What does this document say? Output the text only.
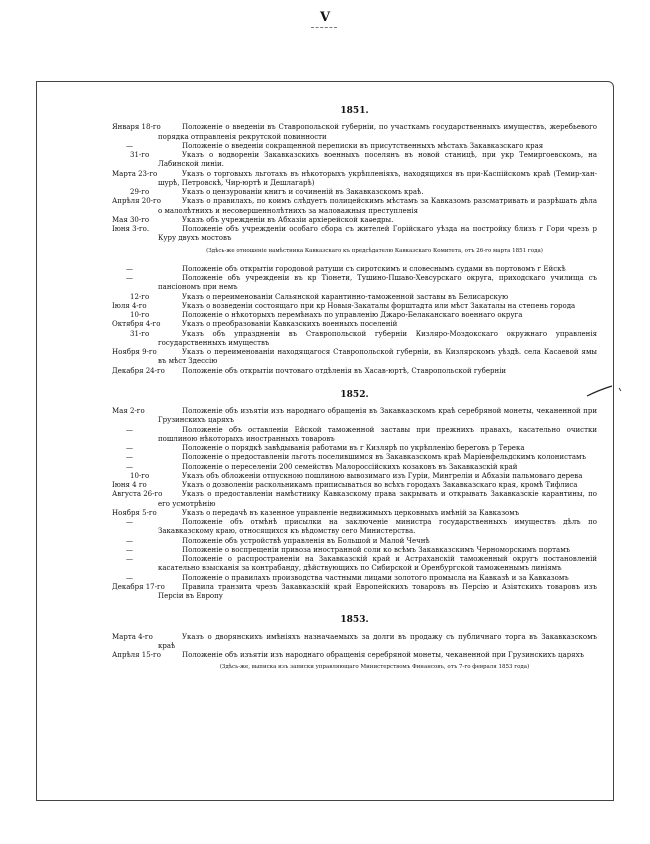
V
1851.
Января 18-го	Положеніе о введеніи въ Ставропольской губерніи, по участкамъ государственныхъ имуществъ, жеребьевого порядка отправленія рекрутской повинности
—	Положеніе о введеніи сокращенной переписки въ присутственныхъ мѣстахъ Закавказскаго края
31-го	Указъ о водвореніи Закавказскихъ военныхъ поселянъ въ новой станицѣ, при укр Темиргоевскомъ, на Лабинской линіи.
Марта 23-го	Указъ о торговыхъ льготахъ въ нѣкоторыхъ укрѣпленіяхъ, находящихся въ при-Каспійскомъ краѣ (Темир-хан-шурѣ, Петровскѣ, Чир-юртѣ и Дешлагарѣ)
29-го	Указъ о цензурованіи книгъ и сочиненій въ Закавказскомъ краѣ.
Апрѣля 20-го	Указъ о правилахъ, по коимъ слѣдуетъ полицейскимъ мѣстамъ за Кавказомъ разсматривать и разрѣшать дѣла о малолѣтнихъ и несовершеннолѣтнихъ за маловажныя преступленія
Мая 30-го	Указъ объ учрежденіи въ Абхазіи архіерейской каѳедры.
Іюня 3-го.	Положеніе объ учрежденіи особаго сбора съ жителей Горійскаго уѣзда на постройку близъ г Гори чрезъ р Куру двухъ мостовъ
(Здѣсь-же отношеніе намѣстника Кавказскаго къ предсѣдателю Кавказскаго Комитета, отъ 26-го марта 1851 года)
—	Положеніе объ открытіи городовой ратуши съ сиротскимъ и словеснымъ судами въ портовомъ г Ейскѣ
—	Положеніе объ учрежденіи въ кр Тіонети, Тушино-Пшаво-Хевсурскаго округа, приходскаго училища съ пансіономъ при немъ
12-го	Указъ о переименованіи Сальянской карантинно-таможенной заставы въ Белисарскую
Іюля 4-го	Указъ о возведеніи состоящаго при кр Новыя-Закаталы форштадта или мѣст Закаталы на степень города
10-го	Положеніе о нѣкоторыхъ перемѣнахъ по управленію Джаро-Белаканскаго военнаго округа
Октября 4-го	Указъ о преобразованіи Кавказскихъ военныхъ поселеній
31-го	Указъ объ упраздненіи въ Ставропольской губерніи Кизляро-Моздокскаго окружнаго управленія государственныхъ имуществъ
Ноября 9-го	Указъ о переименованіи находящагося Ставропольской губерніи, въ Кизлярскомъ уѣздѣ. села Касаевой ямы въ мѣст Здессію
Декабря 24-го	Положеніе объ открытіи почтоваго отдѣленія въ Хасав-юртѣ, Ставропольской губерніи
1852.
Мая 2-го	Положеніе объ изъятіи изъ народнаго обращенія въ Закавказскомъ краѣ серебряной монеты, чеканенной при Грузинскихъ царяхъ
—	Положеніе объ оставленіи Ейской таможенной заставы при прежнихъ правахъ, касательно очистки пошлиною нѣкоторыхъ иностранныхъ товаровъ
—	Положеніе о порядкѣ завѣдыванія работами въ г Кизлярѣ по укрѣпленію береговъ р Терека
—	Положеніе о предоставленіи льготъ поселившимся въ Закавказскомъ краѣ Маріенфельдскимъ колонистамъ
—	Положеніе о переселеніи 200 семействъ Малороссійскихъ козаковъ въ Закавказскій край
10-го	Указъ объ обложеніи отпускною пошлиною вывозимаго изъ Гуріи, Мингреліи и Абхазіи пальмоваго дерева
Іюня 4 го	Указъ о дозволеніи раскольникамъ приписываться во всѣхъ городахъ Закавказскаго края, кромѣ Тифлиса
Августа 26-го	Указъ о предоставленіи намѣстнику Кавказскому права закрывать и открывать Закавказскіе карантины, по его усмотрѣнію
Ноября 5-го	Указъ о передачѣ въ казенное управленіе недвижимыхъ церковныхъ имѣній за Кавказомъ
—	Положеніе объ отмѣнѣ присылки на заключеніе министра государственныхъ имуществъ дѣлъ по Закавказскому краю, относящихся къ вѣдомству сего Министерства.
—	Положеніе объ устройствѣ управленія въ Большой и Малой Чечнѣ
—	Положеніе о воспрещеніи привоза иностранной соли ко всѣмъ Закавказскимъ Черноморскимъ портамъ
—	Положеніе о распространеніи на Закавказскій край и Астраханскій таможенный округъ постановленій касательно взысканія за контрабанду, дѣйствующихъ по Сибирской и Оренбургской таможеннымъ линіямъ
—	Положеніе о правилахъ производства частными лицами золотого промысла на Кавказѣ и за Кавказомъ
Декабря 17-го	Правила транзита чрезъ Закавказскій край Европейскихъ товаровъ въ Персію и Азіятскихъ товаровъ изъ Персіи въ Европу
1853.
Марта 4-го	Указъ о дворянскихъ имѣніяхъ назначаемыхъ за долги въ продажу съ публичнаго торга въ Закавказскомъ краѣ
Апрѣля 15-го	Положеніе объ изъятіи изъ народнаго обращенія серебряной монеты, чеканенной при Грузинскихъ царяхъ
(Здѣсь-же, выписка изъ записки управляющаго Министерствомъ Финансовъ, отъ 7-го февраля 1853 года)
